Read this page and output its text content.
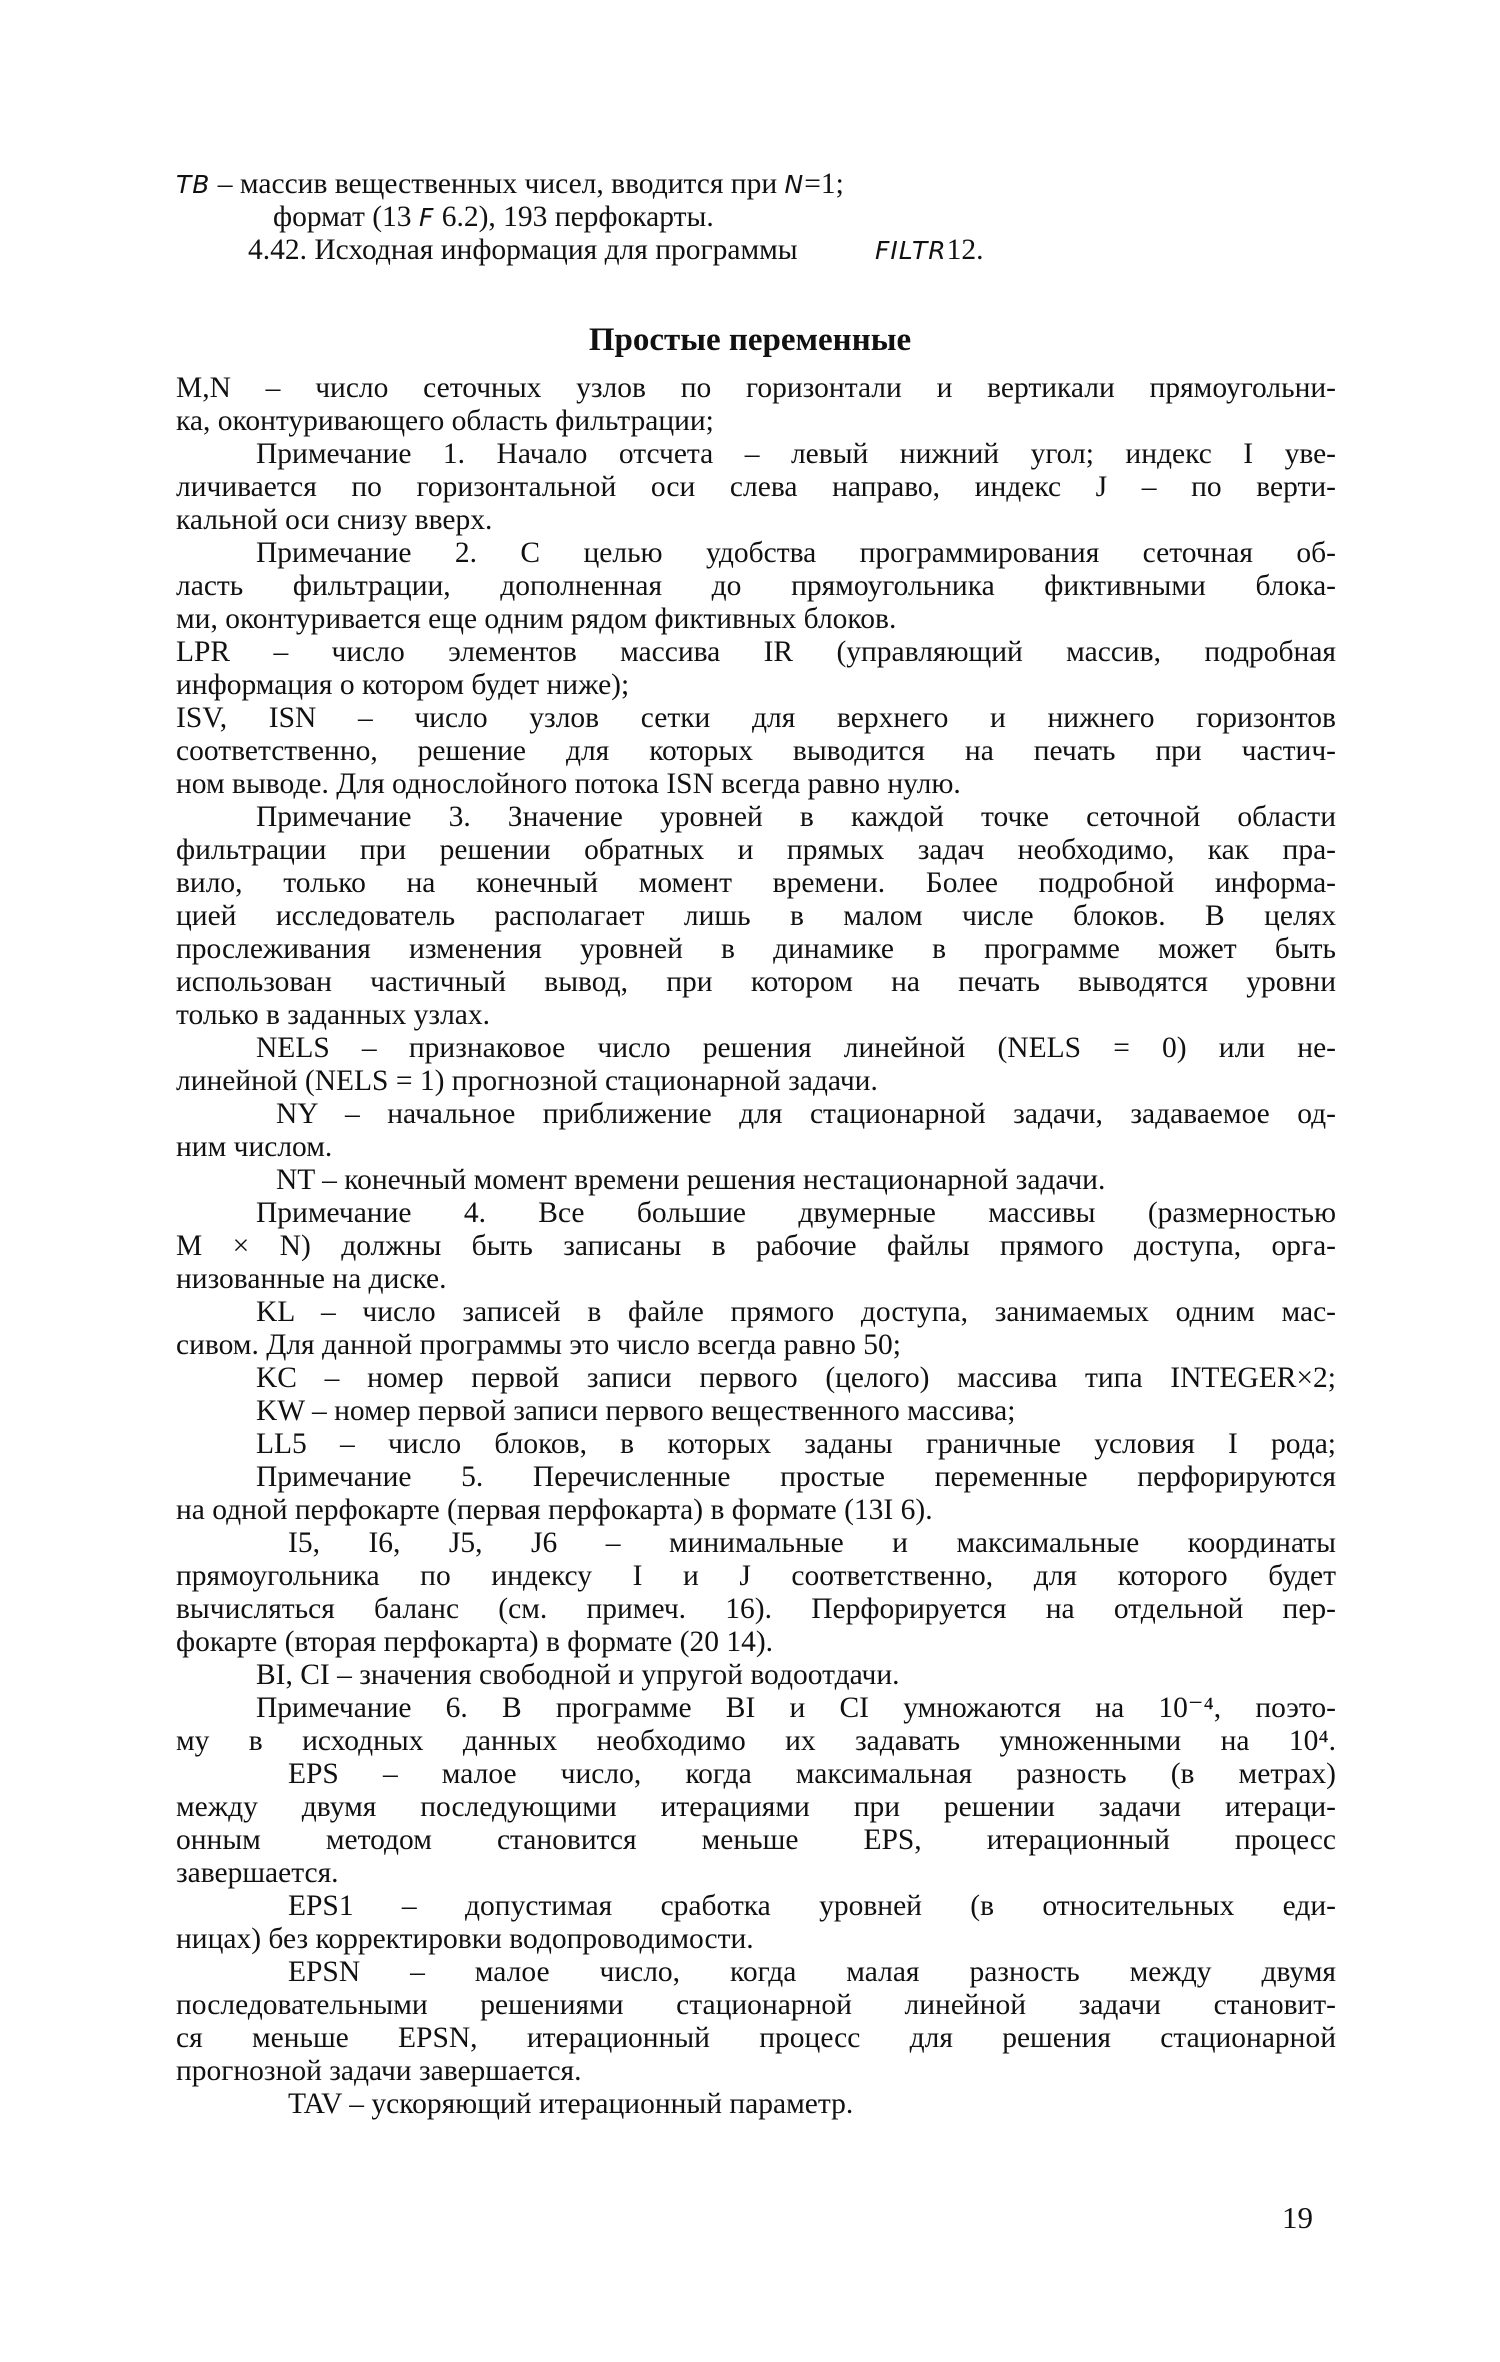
TB – массив вещественных чисел, вводится при N=1;
формат (13 F 6.2), 193 перфокарты.
4.42. Исходная информация для программы	FILTR12.
Простые переменные
M,N – число сеточных узлов по горизонтали и вертикали прямоугольни-
ка, оконтуривающего область фильтрации;
Примечание 1. Начало отсчета – левый нижний угол; индекс I уве-
личивается по горизонтальной оси слева направо, индекс J – по верти-
кальной оси снизу вверх.
Примечание 2. С целью удобства программирования сеточная об-
ласть фильтрации, дополненная до прямоугольника фиктивными блока-
ми, оконтуривается еще одним рядом фиктивных блоков.
LPR – число элементов массива IR (управляющий массив, подробная
информация о котором будет ниже);
ISV, ISN – число узлов сетки для верхнего и нижнего горизонтов
соответственно, решение для которых выводится на печать при частич-
ном выводе. Для однослойного потока ISN всегда равно нулю.
Примечание 3. Значение уровней в каждой точке сеточной области
фильтрации при решении обратных и прямых задач необходимо, как пра-
вило, только на конечный момент времени. Более подробной информа-
цией исследователь располагает лишь в малом числе блоков. В целях
прослеживания изменения уровней в динамике в программе может быть
использован частичный вывод, при котором на печать выводятся уровни
только в заданных узлах.
NELS – признаковое число решения линейной (NELS = 0) или не-
линейной (NELS = 1) прогнозной стационарной задачи.
NY – начальное приближение для стационарной задачи, задаваемое од-
ним числом.
NT – конечный момент времени решения нестационарной задачи.
Примечание 4. Все большие двумерные массивы (размерностью
M × N) должны быть записаны в рабочие файлы прямого доступа, орга-
низованные на диске.
KL – число записей в файле прямого доступа, занимаемых одним мас-
сивом. Для данной программы это число всегда равно 50;
KC – номер первой записи первого (целого) массива типа INTEGER×2;
KW – номер первой записи первого вещественного массива;
LL5 – число блоков, в которых заданы граничные условия I рода;
Примечание 5. Перечисленные простые переменные перфорируются
на одной перфокарте (первая перфокарта) в формате (13I 6).
I5, I6, J5, J6 – минимальные и максимальные координаты
прямоугольника по индексу I и J соответственно, для которого будет
вычисляться баланс (см. примеч. 16). Перфорируется на отдельной пер-
фокарте (вторая перфокарта) в формате (20 14).
BI, CI – значения свободной и упругой водоотдачи.
Примечание 6. В программе BI и CI умножаются на 10⁻⁴, поэто-
му в исходных данных необходимо их задавать умноженными на 10⁴.
EPS – малое число, когда максимальная разность (в метрах)
между двумя последующими итерациями при решении задачи итераци-
онным методом становится меньше EPS, итерационный процесс
завершается.
EPS1 – допустимая сработка уровней (в относительных еди-
ницах) без корректировки водопроводимости.
EPSN – малое число, когда малая разность между двумя
последовательными решениями стационарной линейной задачи становит-
ся меньше EPSN, итерационный процесс для решения стационарной
прогнозной задачи завершается.
TAV – ускоряющий итерационный параметр.
19
